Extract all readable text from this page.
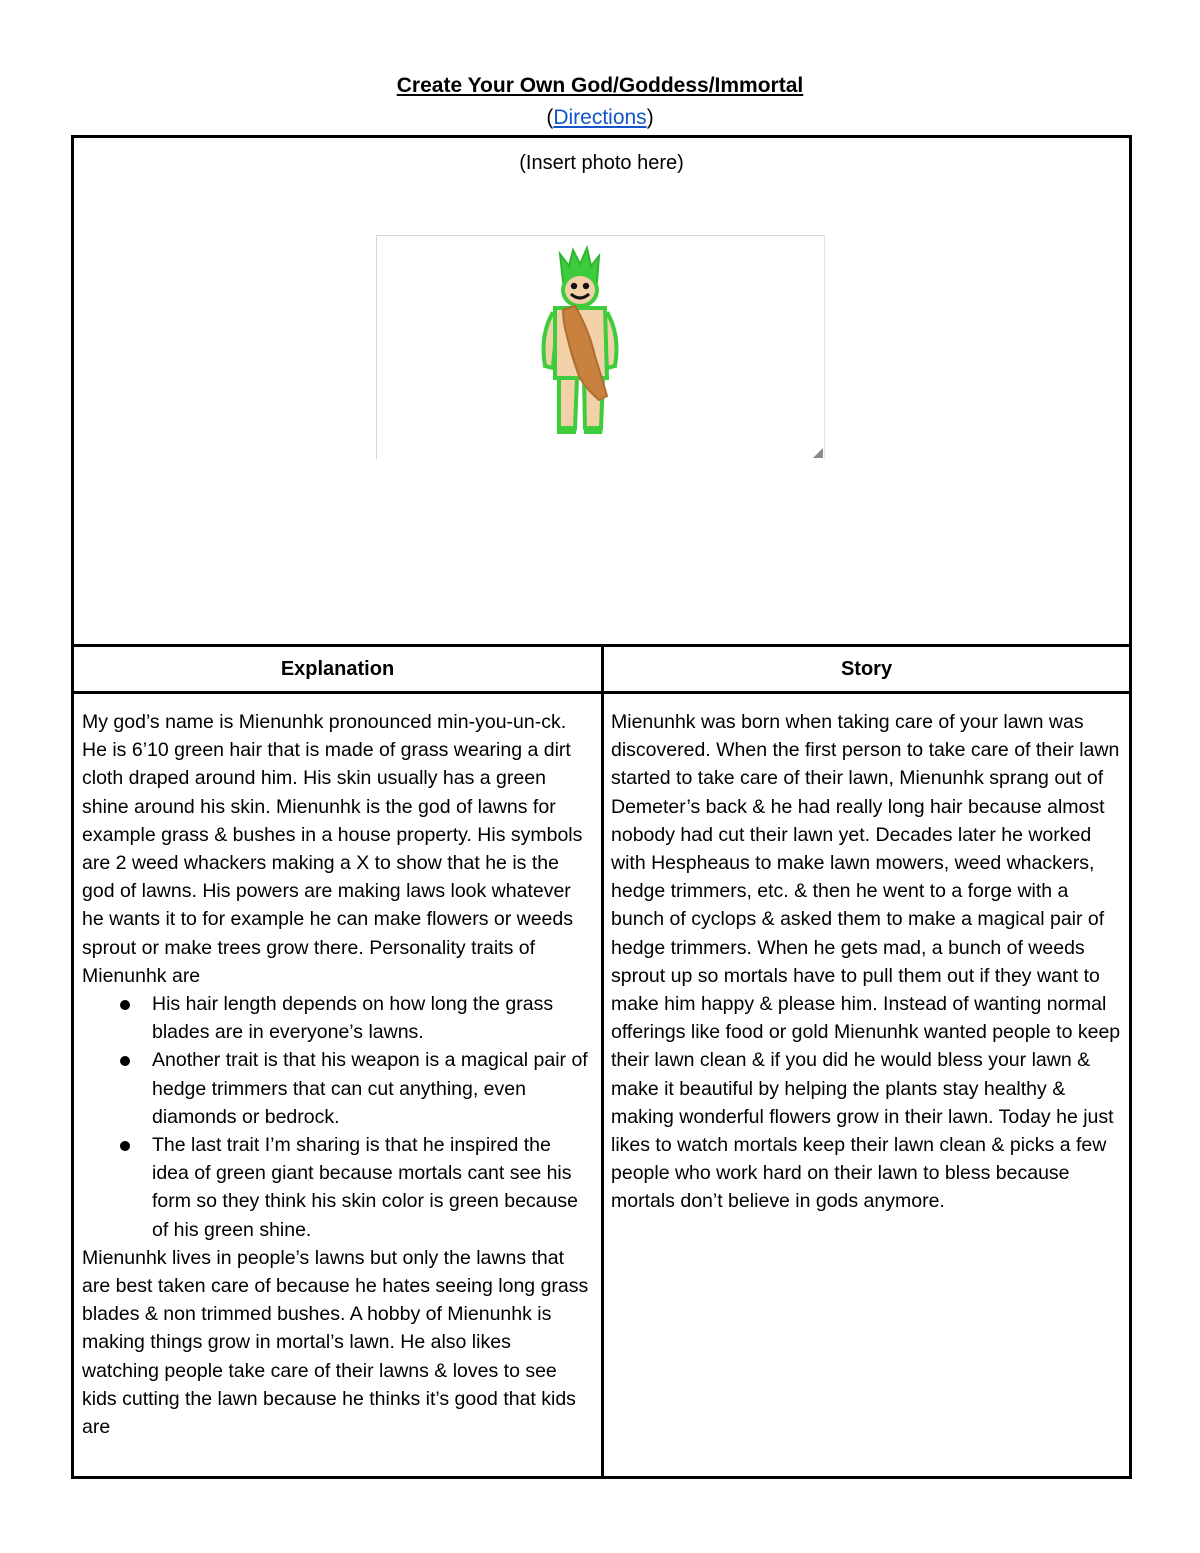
Create Your Own God/Goddess/Immortal
(Directions)
(Insert photo here)
Explanation	Story

My god’s name is Mienunhk pronounced min-you-un-ck. He is 6’10 green hair that is made of grass wearing a dirt cloth draped around him. His skin usually has a green shine around his skin. Mienunhk is the god of lawns for example grass & bushes in a house property. His symbols are 2 weed whackers making a X to show that he is the god of lawns. His powers are making laws look whatever he wants it to for example he can make flowers or weeds sprout or make trees grow there. Personality traits of Mienunhk are

His hair length depends on how long the grass blades are in everyone’s lawns.
Another trait is that his weapon is a magical pair of hedge trimmers that can cut anything, even diamonds or bedrock.
The last trait I’m sharing is that he inspired the idea of green giant because mortals cant see his form so they think his skin color is green because of his green shine.

Mienunhk lives in people’s lawns but only the lawns that are best taken care of because he hates seeing long grass blades & non trimmed bushes. A hobby of Mienunhk is making things grow in mortal’s lawn. He also likes watching people take care of their lawns & loves to see kids cutting the lawn because he thinks it’s good that kids are

Mienunhk was born when taking care of your lawn was discovered. When the first person to take care of their lawn started to take care of their lawn, Mienunhk sprang out of Demeter’s back & he had really long hair because almost nobody had cut their lawn yet. Decades later he worked with Hespheaus to make lawn mowers, weed whackers, hedge trimmers, etc. & then he went to a forge with a bunch of cyclops & asked them to make a magical pair of hedge trimmers. When he gets mad, a bunch of weeds sprout up so mortals have to pull them out if they want to make him happy & please him. Instead of wanting normal offerings like food or gold Mienunhk wanted people to keep their lawn clean & if you did he would bless your lawn & make it beautiful by helping the plants stay healthy & making wonderful flowers grow in their lawn. Today he just likes to watch mortals keep their lawn clean & picks a few people who work hard on their lawn to bless because mortals don’t believe in gods anymore.
